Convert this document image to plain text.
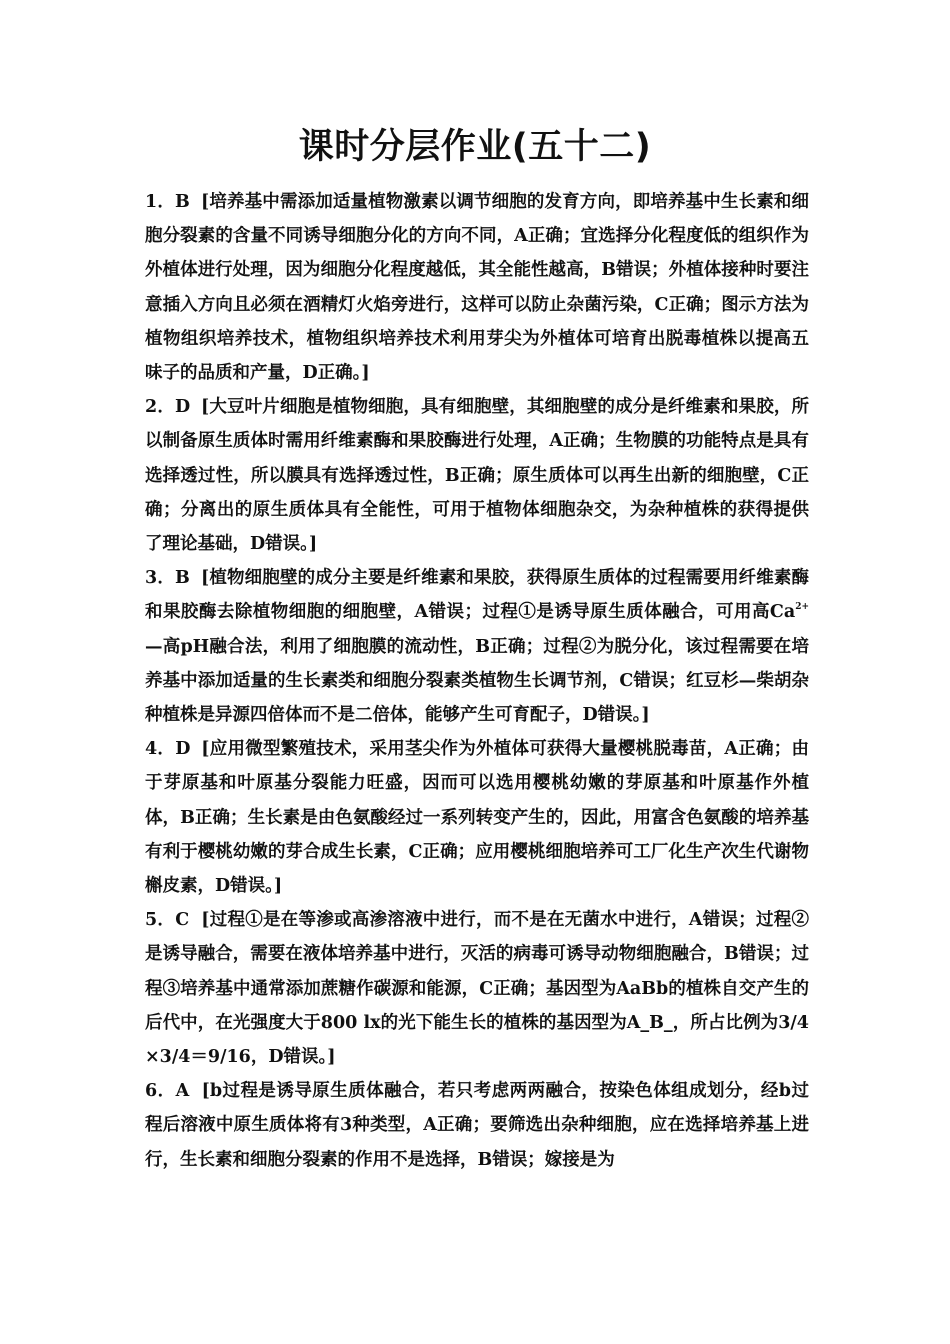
课时分层作业(五十二)

1．B [培养基中需添加适量植物激素以调节细胞的发育方向，即培养基中生长素和细胞分裂素的含量不同诱导细胞分化的方向不同，A正确；宜选择分化程度低的组织作为外植体进行处理，因为细胞分化程度越低，其全能性越高，B错误；外植体接种时要注意插入方向且必须在酒精灯火焰旁进行，这样可以防止杂菌污染，C正确；图示方法为植物组织培养技术，植物组织培养技术利用芽尖为外植体可培育出脱毒植株以提高五味子的品质和产量，D正确。]

2．D [大豆叶片细胞是植物细胞，具有细胞壁，其细胞壁的成分是纤维素和果胶，所以制备原生质体时需用纤维素酶和果胶酶进行处理，A正确；生物膜的功能特点是具有选择透过性，所以膜具有选择透过性，B正确；原生质体可以再生出新的细胞壁，C正确；分离出的原生质体具有全能性，可用于植物体细胞杂交，为杂种植株的获得提供了理论基础，D错误。]

3．B [植物细胞壁的成分主要是纤维素和果胶，获得原生质体的过程需要用纤维素酶和果胶酶去除植物细胞的细胞壁，A错误；过程①是诱导原生质体融合，可用高$Ca^{2+}—$高pH融合法，利用了细胞膜的流动性，B正确；过程②为脱分化，该过程需要在培养基中添加适量的生长素类和细胞分裂素类植物生长调节剂，C错误；红豆杉—柴胡杂种植株是异源四倍体而不是二倍体，能够产生可育配子，D错误。]

4．D [应用微型繁殖技术，采用茎尖作为外植体可获得大量樱桃脱毒苗，A正确；由于芽原基和叶原基分裂能力旺盛，因而可以选用樱桃幼嫩的芽原基和叶原基作外植体，B正确；生长素是由色氨酸经过一系列转变产生的，因此，用富含色氨酸的培养基有利于樱桃幼嫩的芽合成生长素，C正确；应用樱桃细胞培养可工厂化生产次生代谢物槲皮素，D错误。]

5．C [过程①是在等渗或高渗溶液中进行，而不是在无菌水中进行，A错误；过程②是诱导融合，需要在液体培养基中进行，灭活的病毒可诱导动物细胞融合，B错误；过程③培养基中通常添加蔗糖作碳源和能源，C正确；基因型为AaBb的植株自交产生的后代中，在光强度大于800 lx的光下能生长的植株的基因型为A_B_，所占比例为3/4×3/4＝9/16，D错误。]

6．A [b过程是诱导原生质体融合，若只考虑两两融合，按染色体组成划分，经b过程后溶液中原生质体将有3种类型，A正确；要筛选出杂种细胞，应在选择培养基上进行，生长素和细胞分裂素的作用不是选择，B错误；嫁接是为
